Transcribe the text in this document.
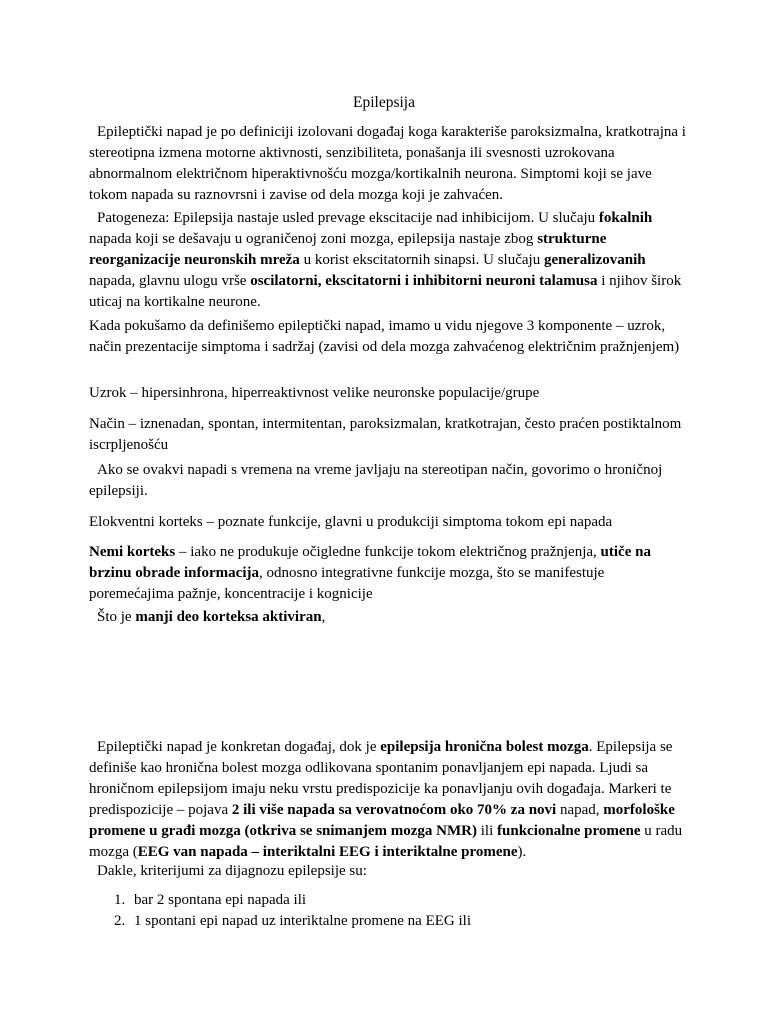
Epilepsija
Epileptički napad je po definiciji izolovani događaj koga karakteriše paroksizmalna, kratkotrajna i stereotipna izmena motorne aktivnosti, senzibiliteta, ponašanja ili svesnosti uzrokovana abnormalnom električnom hiperaktivnošću mozga/kortikalnih neurona. Simptomi koji se jave tokom napada su raznovrsni i zavise od dela mozga koji je zahvaćen.
Patogeneza: Epilepsija nastaje usled prevage ekscitacije nad inhibicijom. U slučaju fokalnih napada koji se dešavaju u ograničenoj zoni mozga, epilepsija nastaje zbog strukturne reorganizacije neuronskih mreža u korist ekscitatornih sinapsi. U slučaju generalizovanih napada, glavnu ulogu vrše oscilatorni, ekscitatorni i inhibitorni neuroni talamusa i njihov širok uticaj na kortikalne neurone.
Kada pokušamo da definišemo epileptički napad, imamo u vidu njegove 3 komponente – uzrok, način prezentacije simptoma i sadržaj (zavisi od dela mozga zahvaćenog električnim pražnjenjem)
Uzrok – hipersinhrona, hiperreaktivnost velike neuronske populacije/grupe
Način – iznenadan, spontan, intermitentan, paroksizmalan, kratkotrajan, često praćen postiktalnom iscrpljenošću
Ako se ovakvi napadi s vremena na vreme javljaju na stereotipan način, govorimo o hroničnoj epilepsiji.
Elokventni korteks – poznate funkcije, glavni u produkciji simptoma tokom epi napada
Nemi korteks – iako ne produkuje očigledne funkcije tokom električnog pražnjenja, utiče na brzinu obrade informacija, odnosno integrativne funkcije mozga, što se manifestuje poremećajima pažnje, koncentracije i kognicije
Što je manji deo korteksa aktiviran,
Epileptički napad je konkretan događaj, dok je epilepsija hronična bolest mozga. Epilepsija se definiše kao hronična bolest mozga odlikovana spontanim ponavljanjem epi napada. Ljudi sa hroničnom epilepsijom imaju neku vrstu predispozicije ka ponavljanju ovih događaja. Markeri te predispozicije – pojava 2 ili više napada sa verovatnoćom oko 70% za novi napad, morfološke promene u građi mozga (otkriva se snimanjem mozga NMR) ili funkcionalne promene u radu mozga (EEG van napada – interiktalni EEG i interiktalne promene).
Dakle, kriterijumi za dijagnozu epilepsije su:
1. bar 2 spontana epi napada ili
2. 1 spontani epi napad uz interiktalne promene na EEG ili
